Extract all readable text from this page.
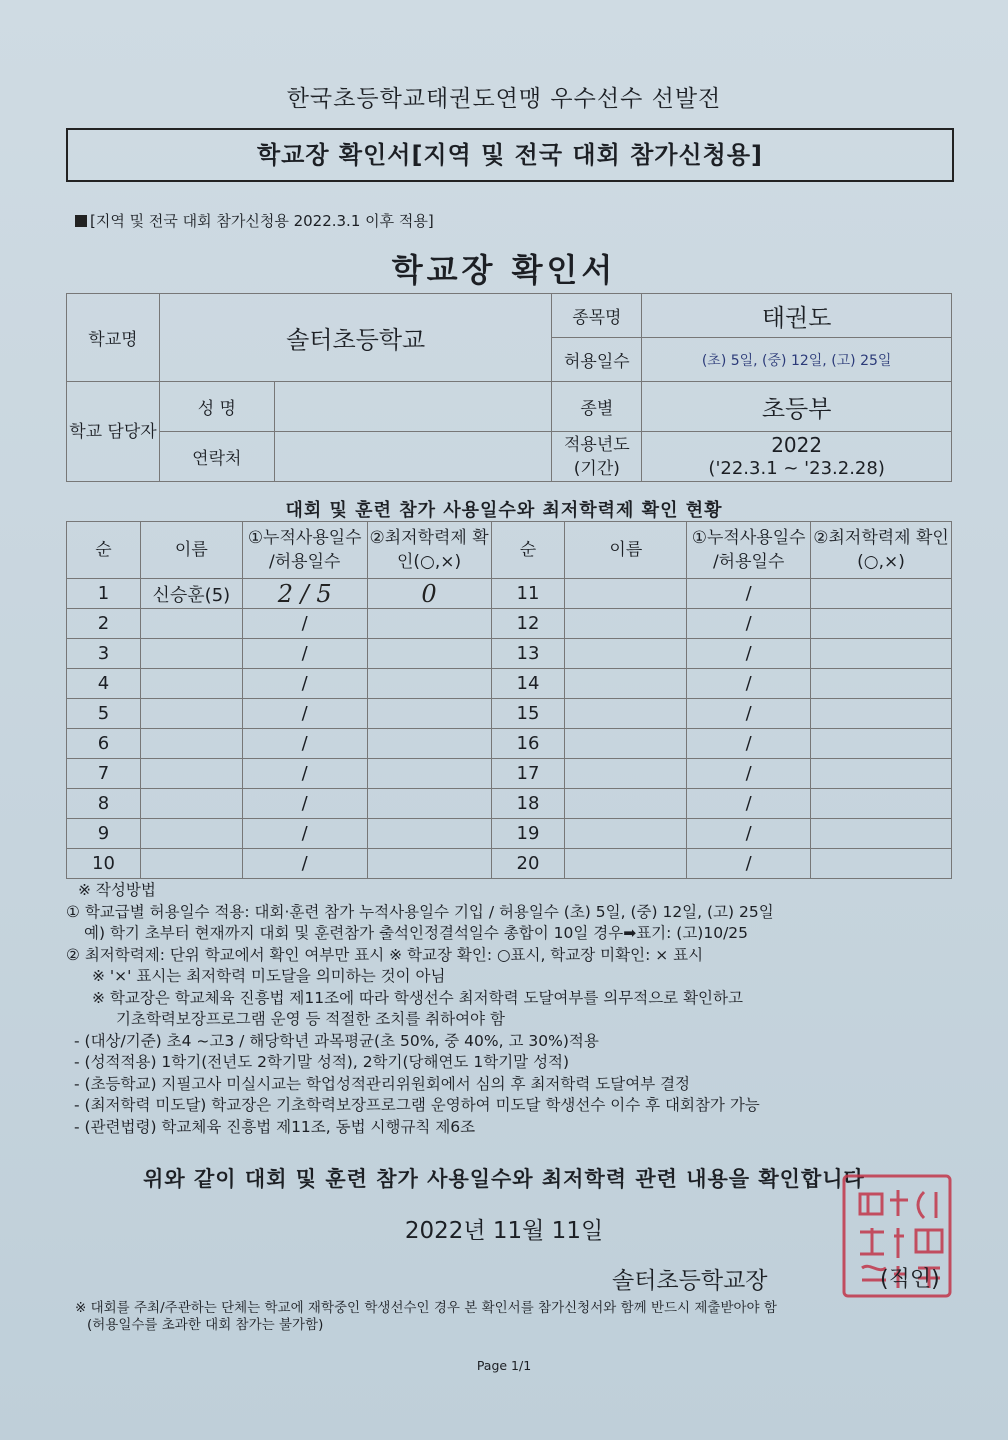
한국초등학교태권도연맹 우수선수 선발전
학교장 확인서[지역 및 전국 대회 참가신청용]
[지역 및 전국 대회 참가신청용 2022.3.1 이후 적용]
학교장 확인서
학교명	솔터초등학교		종목명	태권도
			허용일수	(초) 5일, (중) 12일, (고) 25일
학교 담당자	성 명		종별	초등부
	연락처		적용년도 (기간)	2022
('22.3.1 ~ '23.2.28)
대회 및 훈련 참가 사용일수와 최저학력제 확인 현황
순	이름	①누적사용일수 /허용일수	②최저학력제 확인(○,×)	순	이름	①누적사용일수 /허용일수	②최저학력제 확인(○,×)
1	신승훈(5)	2 / 5	0	11		/	
2		/		12		/	
3		/		13		/	
4		/		14		/	
5		/		15		/	
6		/		16		/	
7		/		17		/	
8		/		18		/	
9		/		19		/	
10		/		20		/	

※ 작성방법

① 학교급별 허용일수 적용: 대회·훈련 참가 누적사용일수 기입 / 허용일수 (초) 5일, (중) 12일, (고) 25일

예) 학기 초부터 현재까지 대회 및 훈련참가 출석인정결석일수 총합이 10일 경우➡표기: (고)10/25

② 최저학력제: 단위 학교에서 확인 여부만 표시 ※ 학교장 확인: ○표시, 학교장 미확인: × 표시

※ '×' 표시는 최저학력 미도달을 의미하는 것이 아님

※ 학교장은 학교체육 진흥법 제11조에 따라 학생선수 최저학력 도달여부를 의무적으로 확인하고

기초학력보장프로그램 운영 등 적절한 조치를 취하여야 함

- (대상/기준) 초4 ~고3 / 해당학년 과목평균(초 50%, 중 40%, 고 30%)적용

- (성적적용) 1학기(전년도 2학기말 성적), 2학기(당해연도 1학기말 성적)

- (초등학교) 지필고사 미실시교는 학업성적관리위원회에서 심의 후 최저학력 도달여부 결정

- (최저학력 미도달) 학교장은 기초학력보장프로그램 운영하여 미도달 학생선수 이수 후 대회참가 가능

- (관련법령) 학교체육 진흥법 제11조, 동법 시행규칙 제6조

위와 같이 대회 및 훈련 참가 사용일수와 최저학력 관련 내용을 확인합니다
2022년 11월 11일
솔터초등학교장	(직인)

※ 대회를 주최/주관하는 단체는 학교에 재학중인 학생선수인 경우 본 확인서를 참가신청서와 함께 반드시 제출받아야 함

(허용일수를 초과한 대회 참가는 불가함)

Page 1/1
